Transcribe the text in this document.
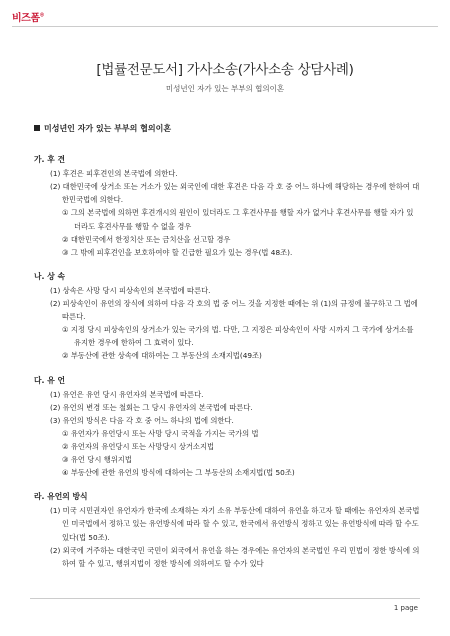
비즈폼®
[법률전문도서] 가사소송(가사소송 상담사례)
미성년인 자가 있는 부부의 협의이혼
미성년인 자가 있는 부부의 협의이혼
가. 후 견
(1) 후견은 피후견인의 본국법에 의한다.
(2) 대한민국에 상거소 또는 거소가 있는 외국인에 대한 후견은 다음 각 호 중 어느 하나에 해당하는 경우에 한하여 대한민국법에 의한다.
① 그의 본국법에 의하면 후견개시의 원인이 있더라도 그 후견사무를 행할 자가 없거나 후견사무를 행할 자가 있더라도 후견사무를 행할 수 없을 경우
② 대한민국에서 한정치산 또는 금치산을 선고할 경우
③ 그 밖에 피후견인을 보호하여야 할 긴급한 필요가 있는 경우(법 48조).
나. 상 속
(1) 상속은 사망 당시 피상속인의 본국법에 따른다.
(2) 피상속인이 유언의 장식에 의하여 다음 각 호의 법 중 어느 것을 지정한 때에는 위 (1)의 규정에 불구하고 그 법에 따른다.
① 지정 당시 피상속인의 상거소가 있는 국가의 법. 다만, 그 지정은 피상속인이 사망 시까지 그 국가에 상거소를 유지한 경우에 한하여 그 효력이 있다.
② 부동산에 관한 상속에 대하여는 그 부동산의 소재지법(49조)
다. 유 언
(1) 유언은 유언 당시 유언자의 본국법에 따른다.
(2) 유언의 변경 또는 철회는 그 당시 유언자의 본국법에 따른다.
(3) 유언의 방식은 다음 각 호 중 어느 하나의 법에 의한다.
① 유언자가 유언당시 또는 사망 당시 국적을 가지는 국가의 법
② 유언자의 유언당시 또는 사망당시 상거소지법
③ 유언 당시 행위지법
④ 부동산에 관한 유언의 방식에 대하여는 그 부동산의 소재지법(법 50조)
라. 유언의 방식
(1) 미국 시민권자인 유언자가 한국에 소재하는 자기 소유 부동산에 대하여 유언을 하고자 할 때에는 유언자의 본국법인 미국법에서 정하고 있는 유언방식에 따라 할 수 있고, 한국에서 유언방식 정하고 있는 유언방식에 따라 할 수도 있다(법 50조).
(2) 외국에 거주하는 대한국민 국민이 외국에서 유언을 하는 경우에는 유언자의 본국법인 우리 민법이 정한 방식에 의하여 할 수 있고, 행위지법이 정한 방식에 의하여도 할 수가 있다
1 page
